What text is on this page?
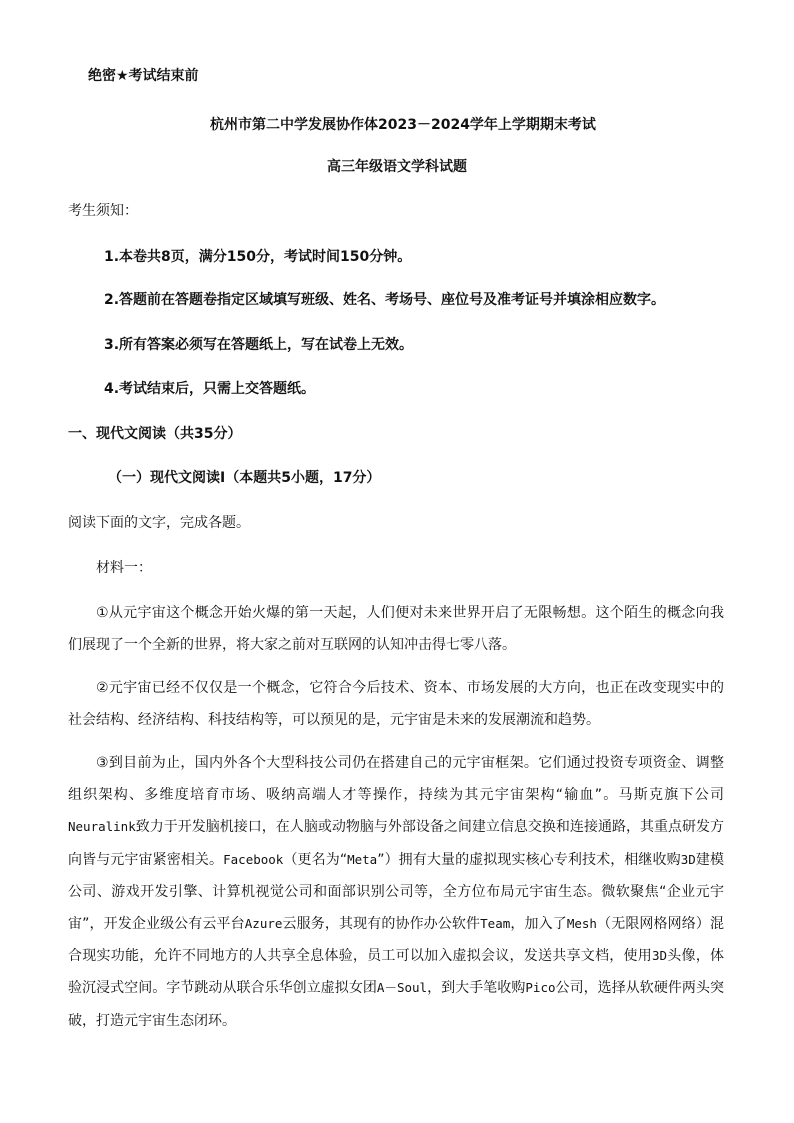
绝密★考试结束前
杭州市第二中学发展协作体2023－2024学年上学期期末考试
高三年级语文学科试题
考生须知：
1.本卷共8页，满分150分，考试时间150分钟。
2.答题前在答题卷指定区域填写班级、姓名、考场号、座位号及准考证号并填涂相应数字。
3.所有答案必须写在答题纸上，写在试卷上无效。
4.考试结束后，只需上交答题纸。
一、现代文阅读（共35分）
（一）现代文阅读Ⅰ（本题共5小题，17分）
阅读下面的文字，完成各题。
材料一：
①从元宇宙这个概念开始火爆的第一天起，人们便对未来世界开启了无限畅想。这个陌生的概念向我们展现了一个全新的世界，将大家之前对互联网的认知冲击得七零八落。
②元宇宙已经不仅仅是一个概念，它符合今后技术、资本、市场发展的大方向，也正在改变现实中的社会结构、经济结构、科技结构等，可以预见的是，元宇宙是未来的发展潮流和趋势。
③到目前为止，国内外各个大型科技公司仍在搭建自己的元宇宙框架。它们通过投资专项资金、调整组织架构、多维度培育市场、吸纳高端人才等操作，持续为其元宇宙架构“输血”。马斯克旗下公司Neuralink致力于开发脑机接口，在人脑或动物脑与外部设备之间建立信息交换和连接通路，其重点研发方向皆与元宇宙紧密相关。Facebook（更名为“Meta”）拥有大量的虚拟现实核心专利技术，相继收购3D建模公司、游戏开发引擎、计算机视觉公司和面部识别公司等，全方位布局元宇宙生态。微软聚焦“企业元宇宙”，开发企业级公有云平台Azure云服务，其现有的协作办公软件Team，加入了Mesh（无限网格网络）混合现实功能，允许不同地方的人共享全息体验，员工可以加入虚拟会议，发送共享文档，使用3D头像，体验沉浸式空间。字节跳动从联合乐华创立虚拟女团A－Soul，到大手笔收购Pico公司，选择从软硬件两头突破，打造元宇宙生态闭环。
